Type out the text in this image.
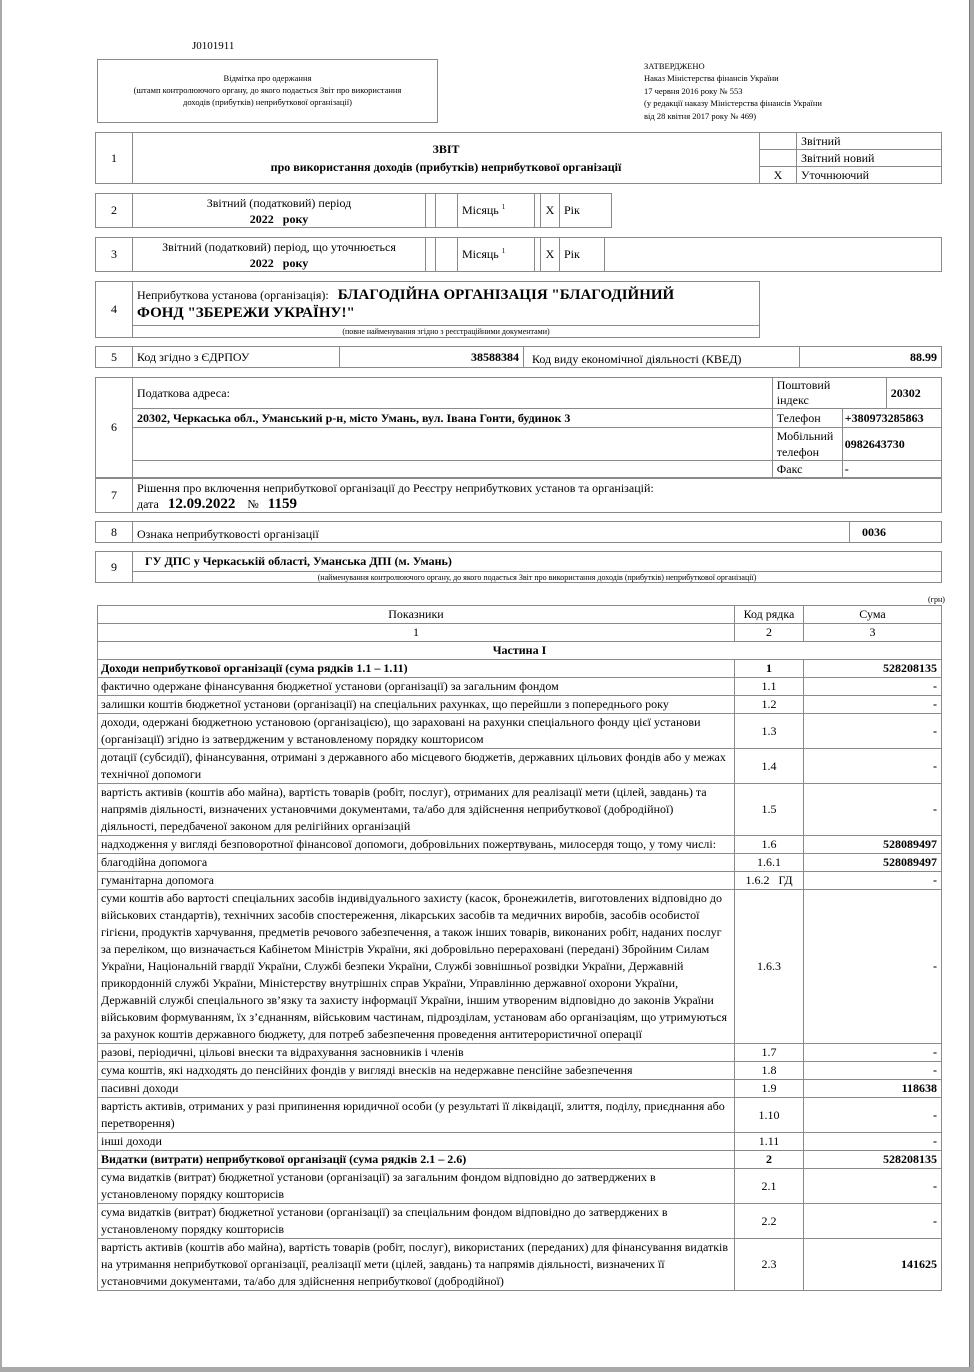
J0101911
Відмітка про одержання
(штамп контролюючого органу, до якого подається Звіт про використання
доходів (прибутків) неприбуткової організації)
ЗАТВЕРДЖЕНО
Наказ Міністерства фінансів України
17 червня 2016 року № 553
(у редакції наказу Міністерства фінансів України
від 28 квітня 2017 року № 469)
1	ЗВІТ
про використання доходів (прибутків) неприбуткової організації		Звітний
			Звітний новий
		X	Уточнюючий
2	
Звітний (податковий) період
2022 року
			Місяць $^1$		X	Рік
3	
Звітний (податковий) період, що уточнюється
2022 року
			Місяць $^1$		X	Рік	
4	Неприбуткова установа (організація): БЛАГОДІЙНА ОРГАНІЗАЦІЯ "БЛАГОДІЙНИЙ
ФОНД "ЗБЕРЕЖИ УКРАЇНУ!"
(повне найменування згідно з реєстраційними документами)
5	Код згідно з ЄДРПОУ	38588384	Код виду економічної діяльності (КВЕД)	88.99
6	Податкова адреса:	Поштовий індекс		20302
	20302, Черкаська обл., Уманський р-н, місто Умань, вул. Івана Гонти, будинок 3	Телефон	+380973285863	

		Мобільний
телефон	0982643730	
		Факс	-	
7	
Рішення про включення неприбуткової організації до Реєстру неприбуткових установ та організацій:
дата 12.09.2022 № 1159
8	Ознака неприбутковості організації	0036
9	ГУ ДПС у Черкаській області, Уманська ДПІ (м. Умань)
(найменування контролюючого органу, до якого подається Звіт про використання доходів (прибутків) неприбуткової організації)
(грн)
Показники	Код рядка	Сума
1	2	3
Частина І		
Доходи неприбуткової організації (сума рядків 1.1 – 1.11)	1	528208135
фактично одержане фінансування бюджетної установи (організації) за загальним фондом	1.1	-
залишки коштів бюджетної установи (організації) на спеціальних рахунках, що перейшли з попереднього року	1.2	-
доходи, одержані бюджетною установою (організацією), що зараховані на рахунки спеціального фонду цієї установи (організації) згідно із затвердженим у встановленому порядку кошторисом	1.3	-
дотації (субсидії), фінансування, отримані з державного або місцевого бюджетів, державних цільових фондів або у межах технічної допомоги	1.4	-
вартість активів (коштів або майна), вартість товарів (робіт, послуг), отриманих для реалізації мети (цілей, завдань) та напрямів діяльності, визначених установчими документами, та/або для здійснення неприбуткової (добродійної) діяльності, передбаченої законом для релігійних організацій	1.5	-
надходження у вигляді безповоротної фінансової допомоги, добровільних пожертвувань, милосердя тощо, у тому числі:	1.6	528089497
благодійна допомога	1.6.1	528089497
гуманітарна допомога	1.6.2   ГД	-
суми коштів або вартості спеціальних засобів індивідуального захисту (касок, бронежилетів, виготовлених відповідно до військових стандартів), технічних засобів спостереження, лікарських засобів та медичних виробів, засобів особистої гігієни, продуктів харчування, предметів речового забезпечення, а також інших товарів, виконаних робіт, наданих послуг за переліком, що визначається Кабінетом Міністрів України, які добровільно перераховані (передані) Збройним Силам України, Національній гвардії України, Службі безпеки України, Службі зовнішньої розвідки України, Державній прикордонній службі України, Міністерству внутрішніх справ України, Управлінню державної охорони України, Державній службі спеціального зв’язку та захисту інформації України, іншим утвореним відповідно до законів України військовим формуванням, їх з’єднанням, військовим частинам, підрозділам, установам або організаціям, що утримуються за рахунок коштів державного бюджету, для потреб забезпечення проведення антитерористичної операції	1.6.3	-
разові, періодичні, цільові внески та відрахування засновників і членів	1.7	-
сума коштів, які надходять до пенсійних фондів у вигляді внесків на недержавне пенсійне забезпечення	1.8	-
пасивні доходи	1.9	118638
вартість активів, отриманих у разі припинення юридичної особи (у результаті її ліквідації, злиття, поділу, приєднання або перетворення)	1.10	-
інші доходи	1.11	-
Видатки (витрати) неприбуткової організації (сума рядків 2.1 – 2.6)	2	528208135
сума видатків (витрат) бюджетної установи (організації) за загальним фондом відповідно до затверджених в установленому порядку кошторисів	2.1	-
сума видатків (витрат) бюджетної установи (організації) за спеціальним фондом відповідно до затверджених в установленому порядку кошторисів	2.2	-
вартість активів (коштів або майна), вартість товарів (робіт, послуг), використаних (переданих) для фінансування видатків на утримання неприбуткової організації, реалізації мети (цілей, завдань) та напрямів діяльності, визначених її установчими документами, та/або для здійснення неприбуткової (добродійної)	2.3	141625
